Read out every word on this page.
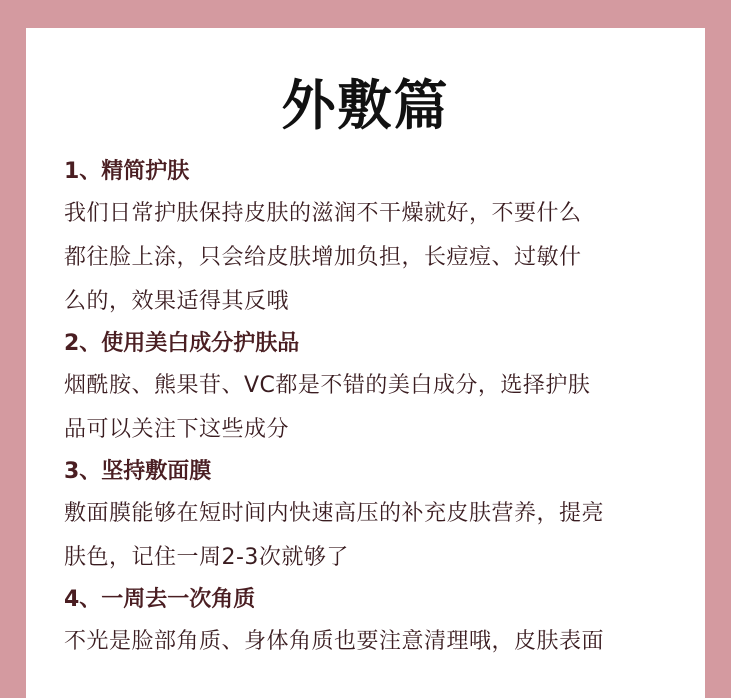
外敷篇
1、精简护肤
我们日常护肤保持皮肤的滋润不干燥就好，不要什么
都往脸上涂，只会给皮肤增加负担，长痘痘、过敏什
么的，效果适得其反哦
2、使用美白成分护肤品
烟酰胺、熊果苷、VC都是不错的美白成分，选择护肤
品可以关注下这些成分
3、坚持敷面膜
敷面膜能够在短时间内快速高压的补充皮肤营养，提亮
肤色，记住一周2-3次就够了
4、一周去一次角质
不光是脸部角质、身体角质也要注意清理哦，皮肤表面
